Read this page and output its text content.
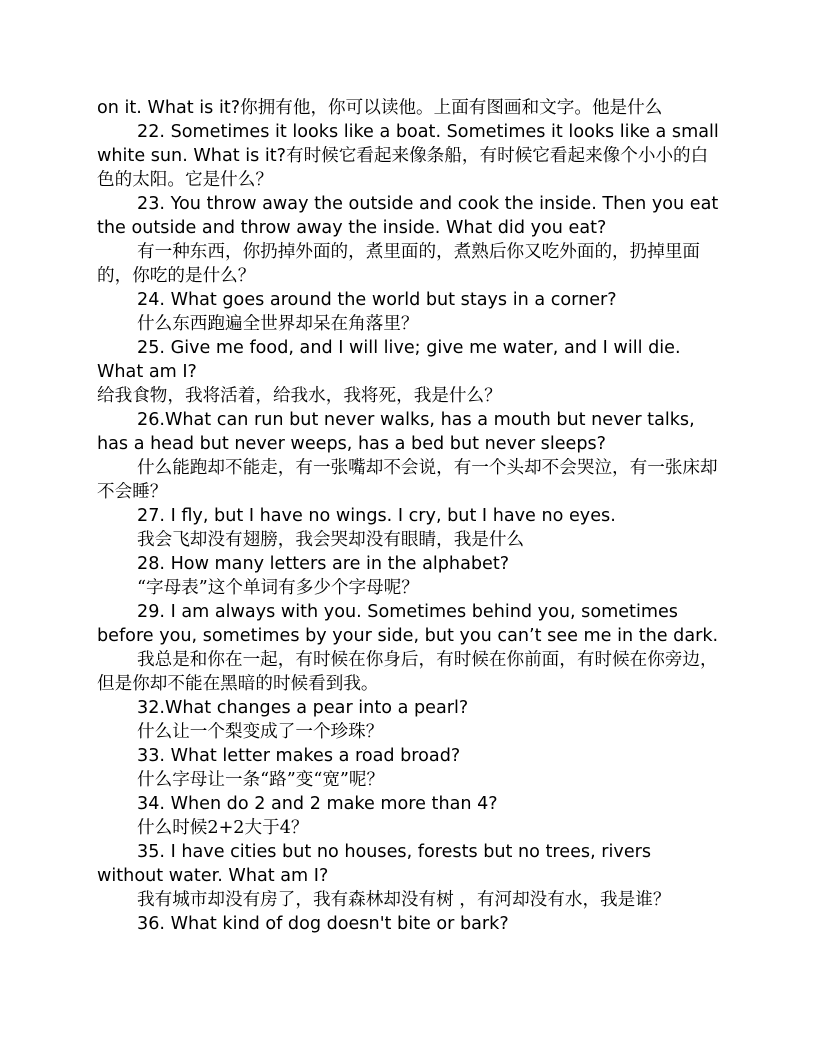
on it. What is it?你拥有他，你可以读他。上面有图画和文字。他是什么

22. Sometimes it looks like a boat. Sometimes it looks like a small white sun. What is it?有时候它看起来像条船，有时候它看起来像个小小的白色的太阳。它是什么？

23. You throw away the outside and cook the inside. Then you eat the outside and throw away the inside. What did you eat?

有一种东西，你扔掉外面的，煮里面的，煮熟后你又吃外面的，扔掉里面的，你吃的是什么？

24. What goes around the world but stays in a corner?

什么东西跑遍全世界却呆在角落里？

25. Give me food, and I will live; give me water, and I will die. What am I?

给我食物，我将活着，给我水，我将死，我是什么？

26.What can run but never walks, has a mouth but never talks, has a head but never weeps, has a bed but never sleeps?

什么能跑却不能走，有一张嘴却不会说，有一个头却不会哭泣，有一张床却不会睡？

27. I fly, but I have no wings. I cry, but I have no eyes.

我会飞却没有翅膀，我会哭却没有眼睛，我是什么

28. How many letters are in the alphabet?

“字母表”这个单词有多少个字母呢？

29. I am always with you. Sometimes behind you, sometimes before you, sometimes by your side, but you can’t see me in the dark.

我总是和你在一起，有时候在你身后，有时候在你前面，有时候在你旁边，但是你却不能在黑暗的时候看到我。

32.What changes a pear into a pearl?

什么让一个梨变成了一个珍珠？

33. What letter makes a road broad?

什么字母让一条“路”变“宽”呢？

34. When do 2 and 2 make more than 4?

什么时候2+2大于4？

35. I have cities but no houses, forests but no trees, rivers without water. What am I?

我有城市却没有房了，我有森林却没有树 ，有河却没有水，我是谁？

36. What kind of dog doesn't bite or bark?
